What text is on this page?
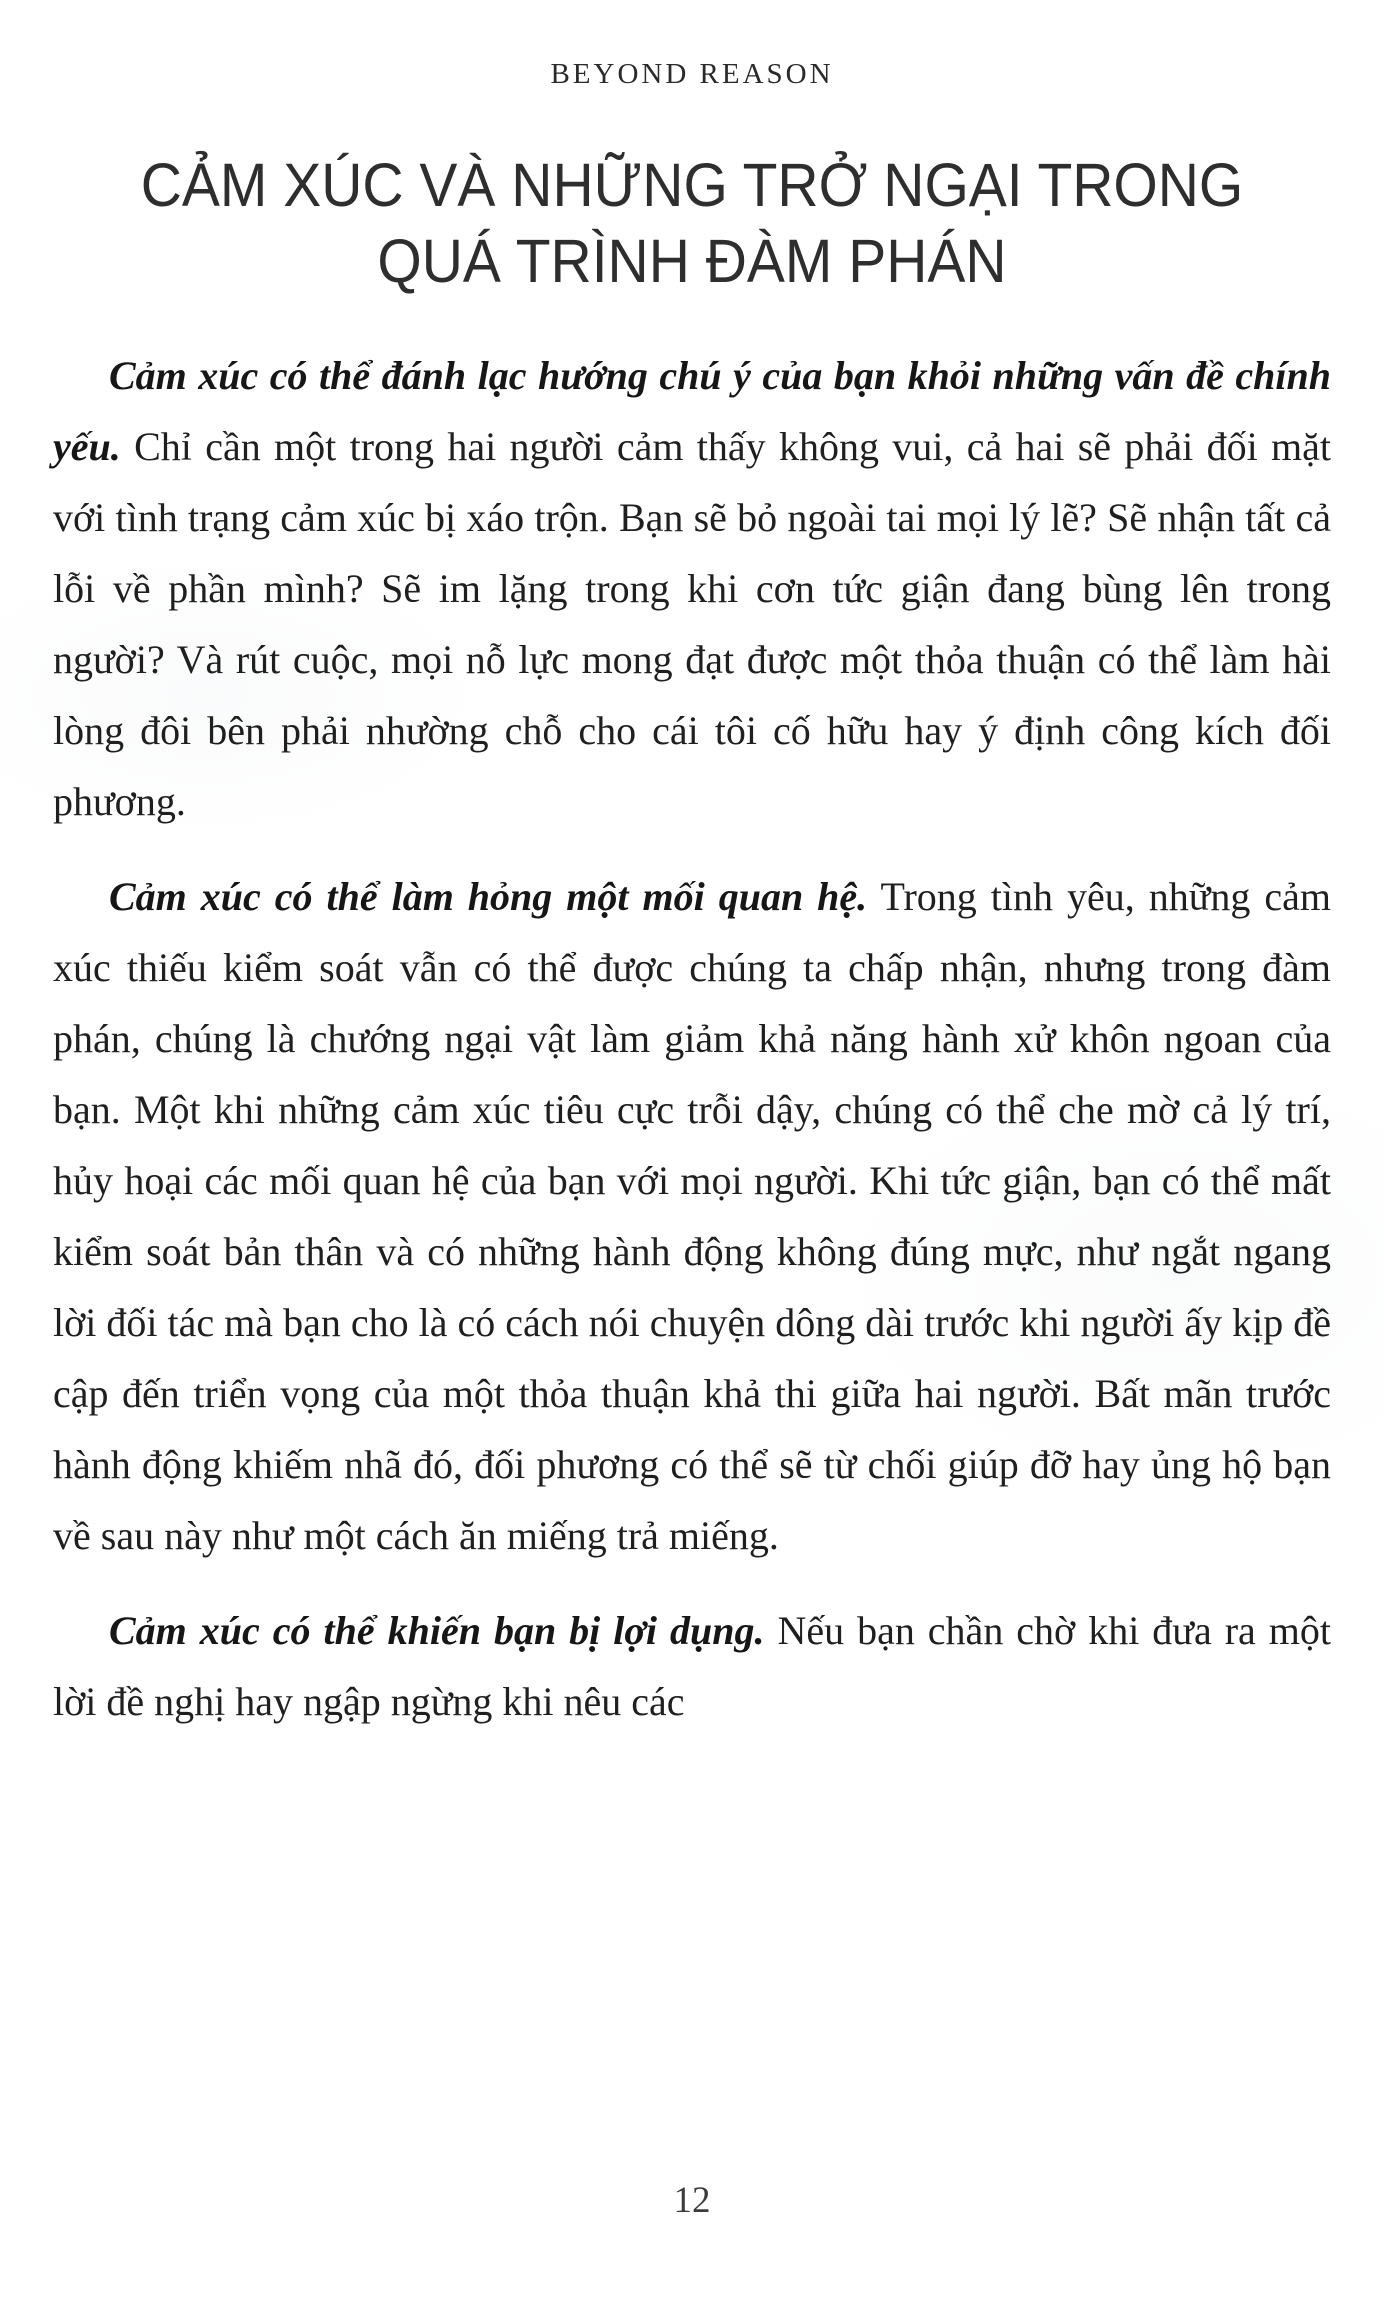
BEYOND REASON
CẢM XÚC VÀ NHỮNG TRỞ NGẠI TRONG
QUÁ TRÌNH ĐÀM PHÁN

Cảm xúc có thể đánh lạc hướng chú ý của bạn khỏi những vấn đề chính yếu. Chỉ cần một trong hai người cảm thấy không vui, cả hai sẽ phải đối mặt với tình trạng cảm xúc bị xáo trộn. Bạn sẽ bỏ ngoài tai mọi lý lẽ? Sẽ nhận tất cả lỗi về phần mình? Sẽ im lặng trong khi cơn tức giận đang bùng lên trong người? Và rút cuộc, mọi nỗ lực mong đạt được một thỏa thuận có thể làm hài lòng đôi bên phải nhường chỗ cho cái tôi cố hữu hay ý định công kích đối phương.

Cảm xúc có thể làm hỏng một mối quan hệ. Trong tình yêu, những cảm xúc thiếu kiểm soát vẫn có thể được chúng ta chấp nhận, nhưng trong đàm phán, chúng là chướng ngại vật làm giảm khả năng hành xử khôn ngoan của bạn. Một khi những cảm xúc tiêu cực trỗi dậy, chúng có thể che mờ cả lý trí, hủy hoại các mối quan hệ của bạn với mọi người. Khi tức giận, bạn có thể mất kiểm soát bản thân và có những hành động không đúng mực, như ngắt ngang lời đối tác mà bạn cho là có cách nói chuyện dông dài trước khi người ấy kịp đề cập đến triển vọng của một thỏa thuận khả thi giữa hai người. Bất mãn trước hành động khiếm nhã đó, đối phương có thể sẽ từ chối giúp đỡ hay ủng hộ bạn về sau này như một cách ăn miếng trả miếng.

Cảm xúc có thể khiến bạn bị lợi dụng. Nếu bạn chần chờ khi đưa ra một lời đề nghị hay ngập ngừng khi nêu các

12
